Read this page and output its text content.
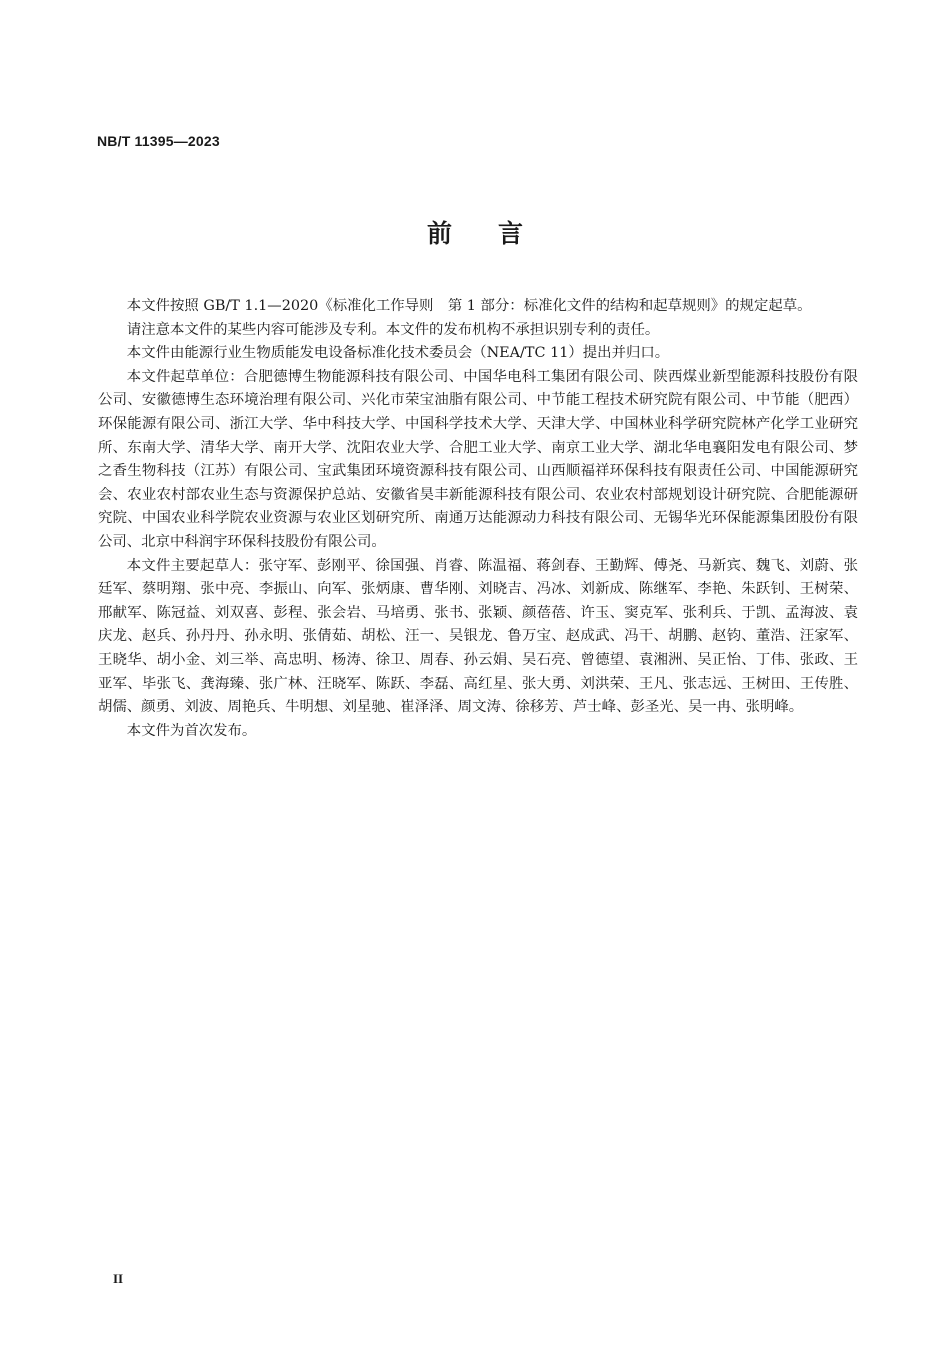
NB/T 11395—2023
前言

本文件按照 GB/T 1.1—2020《标准化工作导则　第 1 部分：标准化文件的结构和起草规则》的规定起草。

请注意本文件的某些内容可能涉及专利。本文件的发布机构不承担识别专利的责任。

本文件由能源行业生物质能发电设备标准化技术委员会（NEA/TC 11）提出并归口。

本文件起草单位：合肥德博生物能源科技有限公司、中国华电科工集团有限公司、陕西煤业新型能源科技股份有限公司、安徽德博生态环境治理有限公司、兴化市荣宝油脂有限公司、中节能工程技术研究院有限公司、中节能（肥西）环保能源有限公司、浙江大学、华中科技大学、中国科学技术大学、天津大学、中国林业科学研究院林产化学工业研究所、东南大学、清华大学、南开大学、沈阳农业大学、合肥工业大学、南京工业大学、湖北华电襄阳发电有限公司、梦之香生物科技（江苏）有限公司、宝武集团环境资源科技有限公司、山西顺福祥环保科技有限责任公司、中国能源研究会、农业农村部农业生态与资源保护总站、安徽省昊丰新能源科技有限公司、农业农村部规划设计研究院、合肥能源研究院、中国农业科学院农业资源与农业区划研究所、南通万达能源动力科技有限公司、无锡华光环保能源集团股份有限公司、北京中科润宇环保科技股份有限公司。

本文件主要起草人：张守军、彭刚平、徐国强、肖睿、陈温福、蒋剑春、王勤辉、傅尧、马新宾、魏飞、刘蔚、张廷军、蔡明翔、张中亮、李振山、向军、张炳康、曹华刚、刘晓吉、冯冰、刘新成、陈继军、李艳、朱跃钊、王树荣、邢献军、陈冠益、刘双喜、彭程、张会岩、马培勇、张书、张颖、颜蓓蓓、许玉、窦克军、张利兵、于凯、孟海波、袁庆龙、赵兵、孙丹丹、孙永明、张倩茹、胡松、汪一、吴银龙、鲁万宝、赵成武、冯干、胡鹏、赵钧、董浩、汪家军、王晓华、胡小金、刘三举、高忠明、杨涛、徐卫、周春、孙云娟、吴石亮、曾德望、袁湘洲、吴正怡、丁伟、张政、王亚军、毕张飞、龚海臻、张广林、汪晓军、陈跃、李磊、高红星、张大勇、刘洪荣、王凡、张志远、王树田、王传胜、胡儒、颜勇、刘波、周艳兵、牛明想、刘星驰、崔泽泽、周文涛、徐移芳、芦士峰、彭圣光、吴一冉、张明峰。

本文件为首次发布。

II
